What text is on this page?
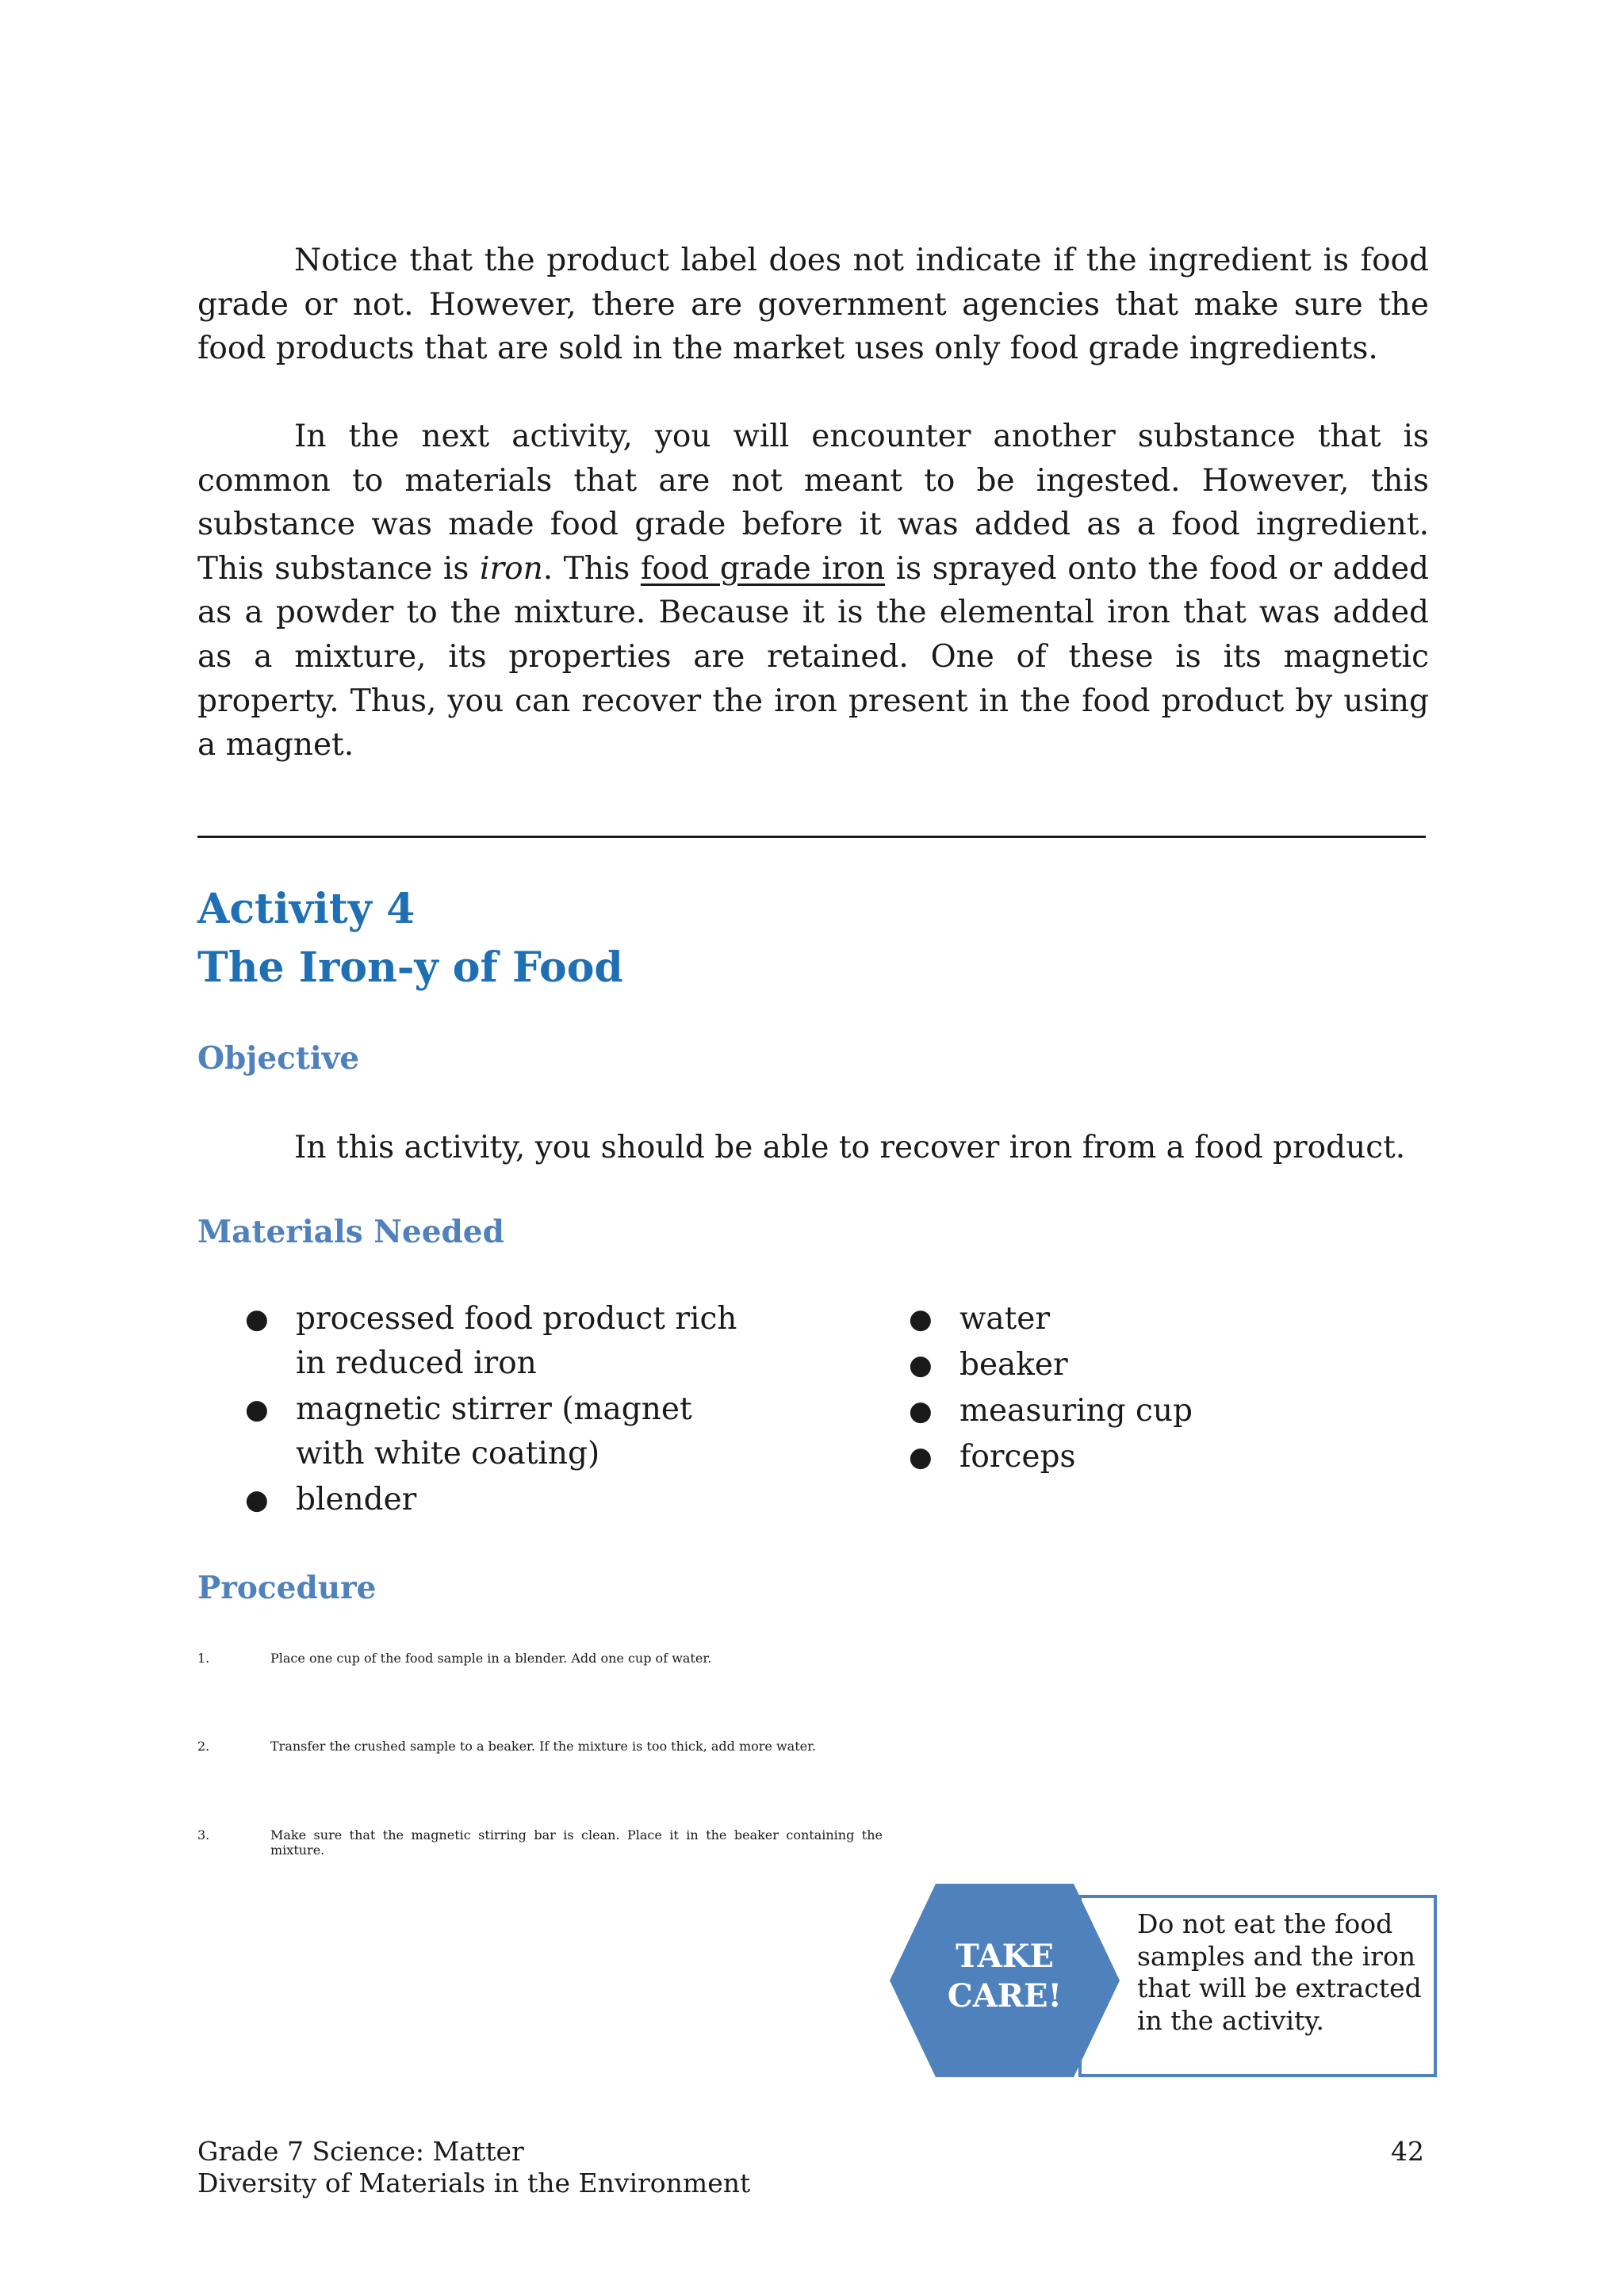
Notice that the product label does not indicate if the ingredient is food grade or not. However, there are government agencies that make sure the food products that are sold in the market uses only food grade ingredients.

In the next activity, you will encounter another substance that is common to materials that are not meant to be ingested. However, this substance was made food grade before it was added as a food ingredient. This substance is iron. This food grade iron is sprayed onto the food or added as a powder to the mixture. Because it is the elemental iron that was added as a mixture, its properties are retained. One of these is its magnetic property. Thus, you can recover the iron present in the food product by using a magnet.

Activity 4
The Iron-y of Food
Objective

In this activity, you should be able to recover iron from a food product.

Materials Needed
● processed food product rich in reduced iron
● magnetic stirrer (magnet with white coating)
● blender
● water
● beaker
● measuring cup
● forceps
Procedure
1.	Place one cup of the food sample in a blender. Add one cup of water.
2.	Transfer the crushed sample to a beaker. If the mixture is too thick, add more water.
3.	Make sure that the magnetic stirring bar is clean. Place it in the beaker containing the mixture.

Do not eat the food samples and the iron that will be extracted in the activity.

TAKE
CARE!
Grade 7 Science: Matter
Diversity of Materials in the Environment
42
